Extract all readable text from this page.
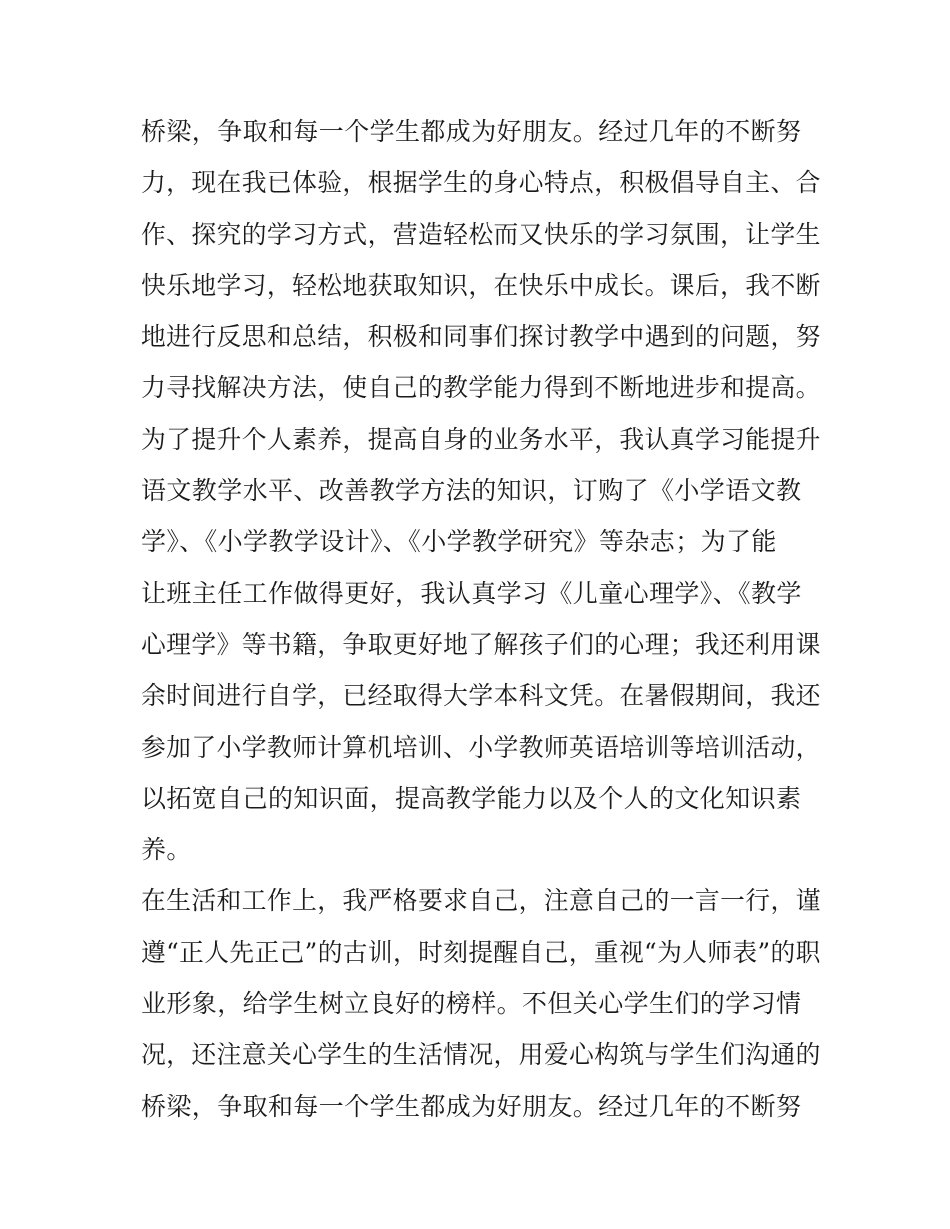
桥梁，争取和每一个学生都成为好朋友。经过几年的不断努
力，现在我已体验，根据学生的身心特点，积极倡导自主、合
作、探究的学习方式，营造轻松而又快乐的学习氛围，让学生
快乐地学习，轻松地获取知识，在快乐中成长。课后，我不断
地进行反思和总结，积极和同事们探讨教学中遇到的问题，努
力寻找解决方法，使自己的教学能力得到不断地进步和提高。
为了提升个人素养，提高自身的业务水平，我认真学习能提升
语文教学水平、改善教学方法的知识，订购了《小学语文教
学》、《小学教学设计》、《小学教学研究》等杂志；为了能
让班主任工作做得更好，我认真学习《儿童心理学》、《教学
心理学》等书籍，争取更好地了解孩子们的心理；我还利用课
余时间进行自学，已经取得大学本科文凭。在暑假期间，我还
参加了小学教师计算机培训、小学教师英语培训等培训活动，
以拓宽自己的知识面，提高教学能力以及个人的文化知识素
养。
在生活和工作上，我严格要求自己，注意自己的一言一行，谨
遵“正人先正己”的古训，时刻提醒自己，重视“为人师表”的职
业形象，给学生树立良好的榜样。不但关心学生们的学习情
况，还注意关心学生的生活情况，用爱心构筑与学生们沟通的
桥梁，争取和每一个学生都成为好朋友。经过几年的不断努
